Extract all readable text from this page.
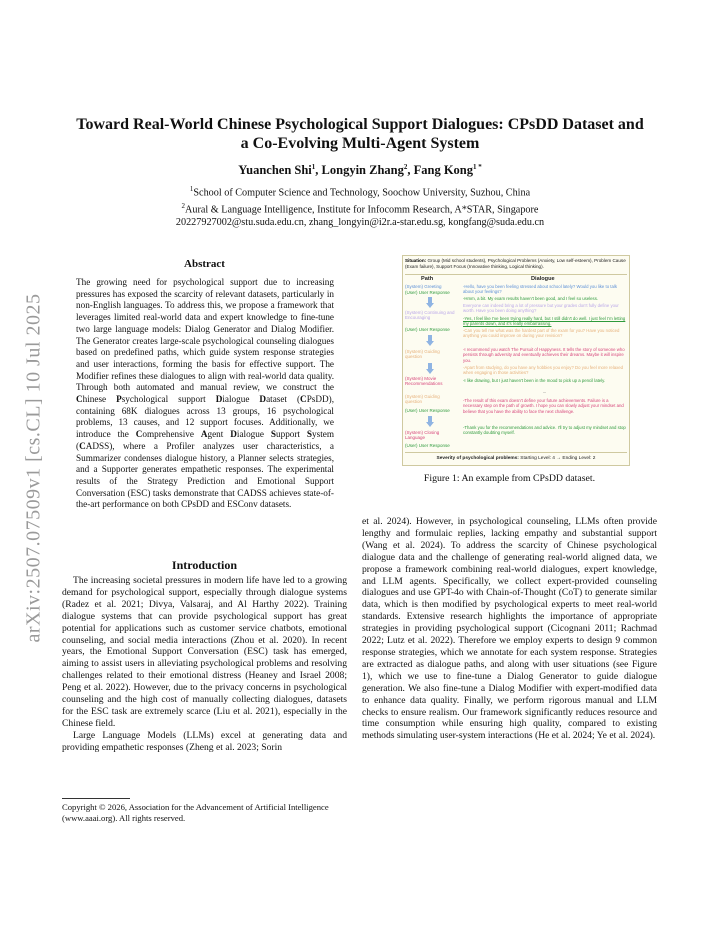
arXiv:2507.07509v1 [cs.CL] 10 Jul 2025
Toward Real-World Chinese Psychological Support Dialogues: CPsDD Dataset and
a Co-Evolving Multi-Agent System
Yuanchen Shi$^1$, Longyin Zhang$^2$, Fang Kong$^{1 *}$
$^1$School of Computer Science and Technology, Soochow University, Suzhou, China
$^2$Aural & Language Intelligence, Institute for Infocomm Research, A*STAR, Singapore
20227927002@stu.suda.edu.cn, zhang_longyin@i2r.a-star.edu.sg, kongfang@suda.edu.cn
Abstract
The growing need for psychological support due to increasing pressures has exposed the scarcity of relevant datasets, particularly in non-English languages. To address this, we propose a framework that leverages limited real-world data and expert knowledge to fine-tune two large language models: Dialog Generator and Dialog Modifier. The Generator creates large-scale psychological counseling dialogues based on predefined paths, which guide system response strategies and user interactions, forming the basis for effective support. The Modifier refines these dialogues to align with real-world data quality. Through both automated and manual review, we construct the Chinese Psychological support Dialogue Dataset (CPsDD), containing 68K dialogues across 13 groups, 16 psychological problems, 13 causes, and 12 support focuses. Additionally, we introduce the Comprehensive Agent Dialogue Support System (CADSS), where a Profiler analyzes user characteristics, a Summarizer condenses dialogue history, a Planner selects strategies, and a Supporter generates empathetic responses. The experimental results of the Strategy Prediction and Emotional Support Conversation (ESC) tasks demonstrate that CADSS achieves state-of-the-art performance on both CPsDD and ESConv datasets.
Introduction

The increasing societal pressures in modern life have led to a growing demand for psychological support, especially through dialogue systems (Radez et al. 2021; Divya, Valsaraj, and Al Harthy 2022). Training dialogue systems that can provide psychological support has great potential for applications such as customer service chatbots, emotional counseling, and social media interactions (Zhou et al. 2020). In recent years, the Emotional Support Conversation (ESC) task has emerged, aiming to assist users in alleviating psychological problems and resolving challenges related to their emotional distress (Heaney and Israel 2008; Peng et al. 2022). However, due to the privacy concerns in psychological counseling and the high cost of manually collecting dialogues, datasets for the ESC task are extremely scarce (Liu et al. 2021), especially in the Chinese field.

Large Language Models (LLMs) excel at generating data and providing empathetic responses (Zheng et al. 2023; Sorin

Copyright © 2026, Association for the Advancement of Artificial Intelligence (www.aaai.org). All rights reserved.
Situation: Group (Mid school students), Psychological Problems (Anxiety, Low self-esteem), Problem Cause (Exam failure), Support Focus (Innovative thinking, Logical thinking).
Path	Dialogue
(System) Greeting
(User) User Response
(System) Continuing and Encouraging
(User) User Response
(System) Guiding question
(System) Movie Recommendations
(System) Guiding question
(User) User Response
(System) Closing Language
(User) User Response
-Hello, have you been feeling stressed about school lately? Would you like to talk about your feelings?
-Hmm, a bit. My exam results haven't been good, and I feel so useless.
Everyone can indeed bring a lot of pressure but your grades don't fully define your worth. Have you been doing anything?
-Yes, I feel like I've been trying really hard, but I still didn't do well. I just feel I'm letting my parents down, and it's really embarrassing.
-Can you tell me what was the hardest part of the exam for you? Have you noticed anything you could improve on during your revision?
-I recommend you watch The Pursuit of Happyness. It tells the story of someone who persists through adversity and eventually achieves their dreams. Maybe it will inspire you.
-Apart from studying, do you have any hobbies you enjoy? Do you feel more relaxed when engaging in those activities?
-I like drawing, but I just haven't been in the mood to pick up a pencil lately.
...
-The result of this exam doesn't define your future achievements. Failure is a necessary step on the path of growth. I hope you can slowly adjust your mindset and believe that you have the ability to face the next challenge.
-Thank you for the recommendations and advice. I'll try to adjust my mindset and stop constantly doubting myself.
Severity of psychological problems: Starting Level: 4 → Ending Level: 2
Figure 1: An example from CPsDD dataset.

et al. 2024). However, in psychological counseling, LLMs often provide lengthy and formulaic replies, lacking empathy and substantial support (Wang et al. 2024). To address the scarcity of Chinese psychological dialogue data and the challenge of generating real-world aligned data, we propose a framework combining real-world dialogues, expert knowledge, and LLM agents. Specifically, we collect expert-provided counseling dialogues and use GPT-4o with Chain-of-Thought (CoT) to generate similar data, which is then modified by psychological experts to meet real-world standards. Extensive research highlights the importance of appropriate strategies in providing psychological support (Cicognani 2011; Rachmad 2022; Lutz et al. 2022). Therefore we employ experts to design 9 common response strategies, which we annotate for each system response. Strategies are extracted as dialogue paths, and along with user situations (see Figure 1), which we use to fine-tune a Dialog Generator to guide dialogue generation. We also fine-tune a Dialog Modifier with expert-modified data to enhance data quality. Finally, we perform rigorous manual and LLM checks to ensure realism. Our framework significantly reduces resource and time consumption while ensuring high quality, compared to existing methods simulating user-system interactions (He et al. 2024; Ye et al. 2024).
